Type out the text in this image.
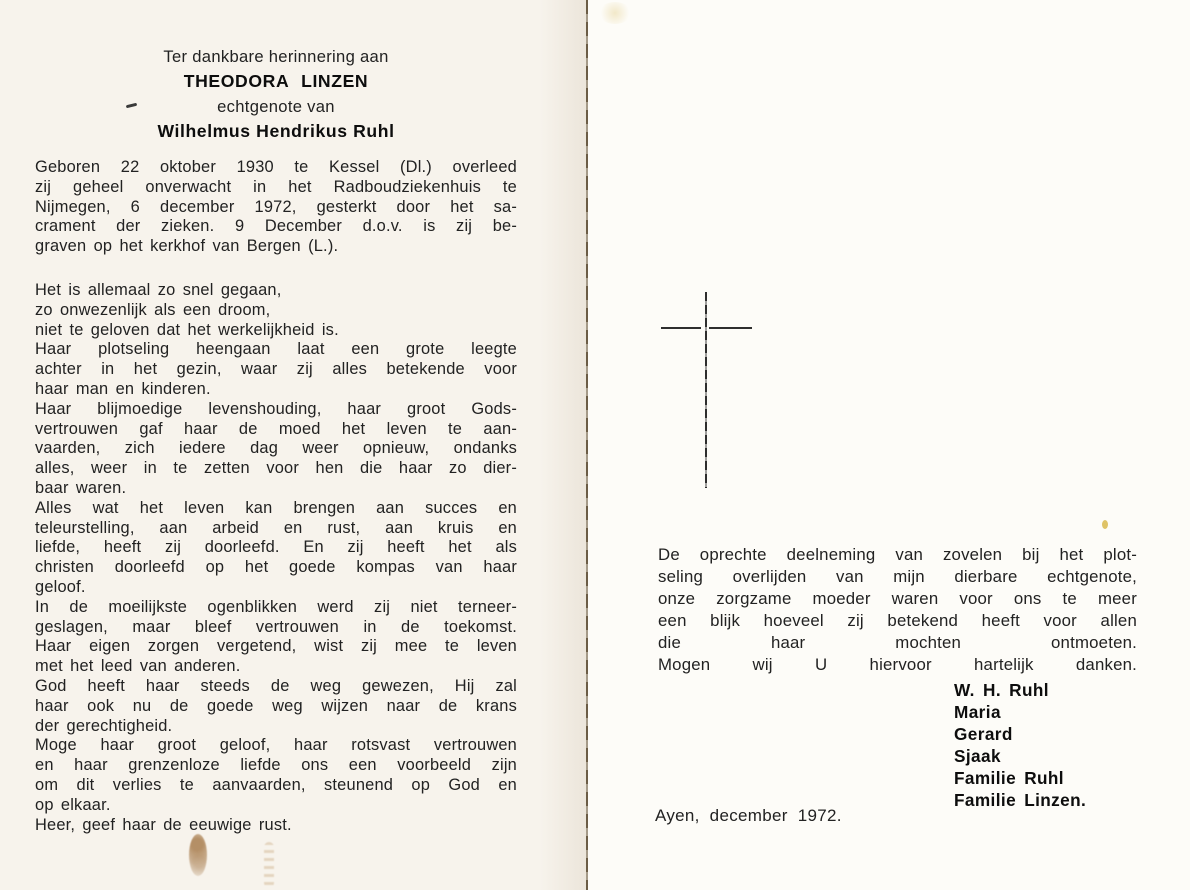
Ter dankbare herinnering aan
THEODORA LINZEN
echtgenote van
Wilhelmus Hendrikus Ruhl
Geboren 22 oktober 1930 te Kessel (Dl.) overleed
zij geheel onverwacht in het Radboudziekenhuis te
Nijmegen, 6 december 1972, gesterkt door het sa-
crament der zieken. 9 December d.o.v. is zij be-
graven op het kerkhof van Bergen (L.).
Het is allemaal zo snel gegaan,
zo onwezenlijk als een droom,
niet te geloven dat het werkelijkheid is.
Haar plotseling heengaan laat een grote leegte
achter in het gezin, waar zij alles betekende voor
haar man en kinderen.
Haar blijmoedige levenshouding, haar groot Gods-
vertrouwen gaf haar de moed het leven te aan-
vaarden, zich iedere dag weer opnieuw, ondanks
alles, weer in te zetten voor hen die haar zo dier-
baar waren.
Alles wat het leven kan brengen aan succes en
teleurstelling, aan arbeid en rust, aan kruis en
liefde, heeft zij doorleefd. En zij heeft het als
christen doorleefd op het goede kompas van haar
geloof.
In de moeilijkste ogenblikken werd zij niet terneer-
geslagen, maar bleef vertrouwen in de toekomst.
Haar eigen zorgen vergetend, wist zij mee te leven
met het leed van anderen.
God heeft haar steeds de weg gewezen, Hij zal
haar ook nu de goede weg wijzen naar de krans
der gerechtigheid.
Moge haar groot geloof, haar rotsvast vertrouwen
en haar grenzenloze liefde ons een voorbeeld zijn
om dit verlies te aanvaarden, steunend op God en
op elkaar.
Heer, geef haar de eeuwige rust.
De oprechte deelneming van zovelen bij het plot-
seling overlijden van mijn dierbare echtgenote,
onze zorgzame moeder waren voor ons te meer
een blijk hoeveel zij betekend heeft voor allen
die haar mochten ontmoeten.
Mogen wij U hiervoor hartelijk danken.
W. H. Ruhl
Maria
Gerard
Sjaak
Familie Ruhl
Familie Linzen.
Ayen, december 1972.
